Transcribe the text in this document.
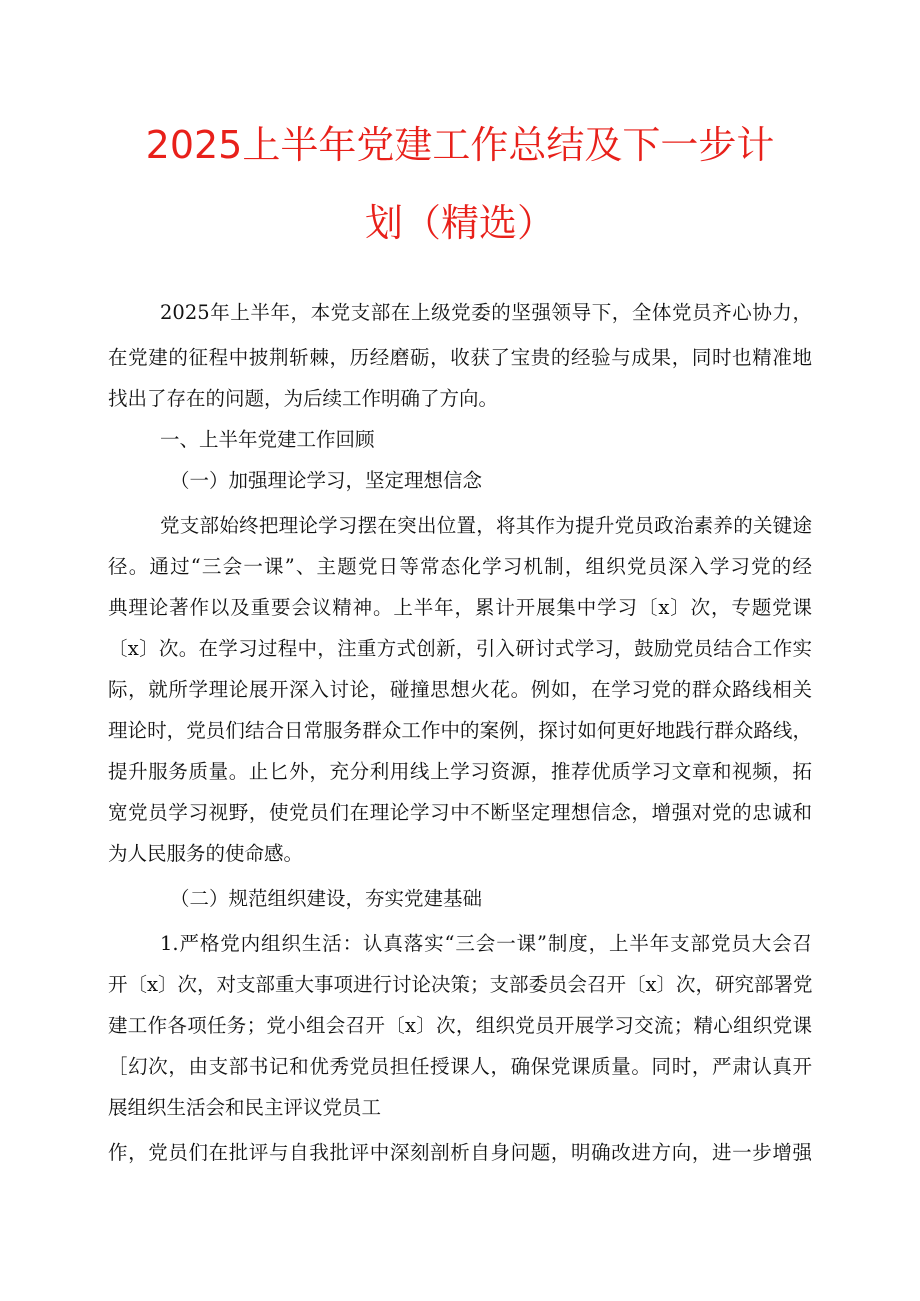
2025上半年党建工作总结及下一步计
划（精选）

2025年上半年，本党支部在上级党委的坚强领导下，全体党员齐心协力，

在党建的征程中披荆斩棘，历经磨砺，收获了宝贵的经验与成果，同时也精准地

找出了存在的问题，为后续工作明确了方向。

一、上半年党建工作回顾

（一）加强理论学习，坚定理想信念

党支部始终把理论学习摆在突出位置，将其作为提升党员政治素养的关键途

径。通过“三会一课”、主题党日等常态化学习机制，组织党员深入学习党的经

典理论著作以及重要会议精神。上半年，累计开展集中学习〔x〕次，专题党课

〔x〕次。在学习过程中，注重方式创新，引入研讨式学习，鼓励党员结合工作实

际，就所学理论展开深入讨论，碰撞思想火花。例如，在学习党的群众路线相关

理论时，党员们结合日常服务群众工作中的案例，探讨如何更好地践行群众路线，

提升服务质量。止匕外，充分利用线上学习资源，推荐优质学习文章和视频，拓

宽党员学习视野，使党员们在理论学习中不断坚定理想信念，增强对党的忠诚和

为人民服务的使命感。

（二）规范组织建设，夯实党建基础

1.严格党内组织生活：认真落实“三会一课”制度，上半年支部党员大会召

开〔x〕次，对支部重大事项进行讨论决策；支部委员会召开〔x〕次，研究部署党

建工作各项任务；党小组会召开〔x〕次，组织党员开展学习交流；精心组织党课

［幻次，由支部书记和优秀党员担任授课人，确保党课质量。同时，严肃认真开

展组织生活会和民主评议党员工

作，党员们在批评与自我批评中深刻剖析自身问题，明确改进方向，进一步增强
